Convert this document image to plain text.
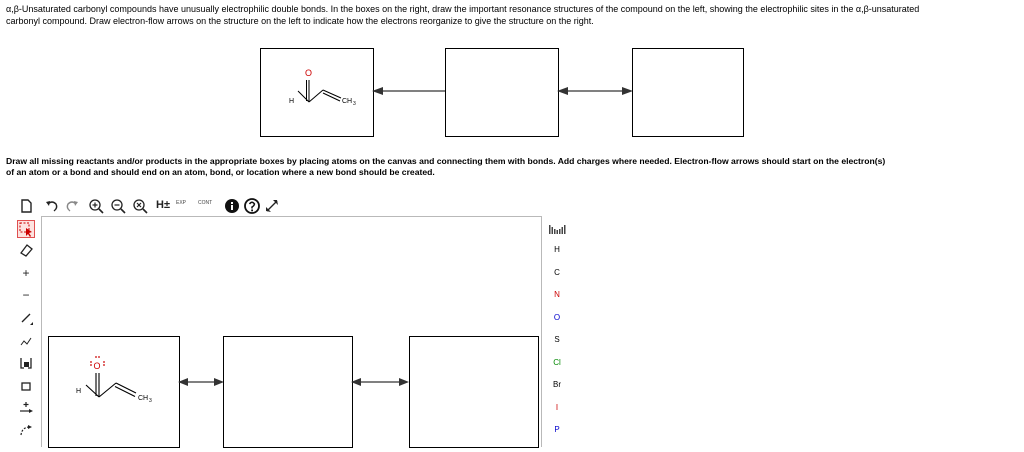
α,β-Unsaturated carbonyl compounds have unusually electrophilic double bonds. In the boxes on the right, draw the important resonance structures of the compound on the left, showing the electrophilic sites in the α,β-unsaturated
carbonyl compound. Draw electron-flow arrows on the structure on the left to indicate how the electrons reorganize to give the structure on the right.
O
H	CH 3
Draw all missing reactants and/or products in the appropriate boxes by placing atoms on the canvas and connecting them with bonds. Add charges where needed. Electron-flow arrows should start on the electron(s)
of an atom or a bond and should end on an atom, bond, or location where a new bond should be created.
H±	EXP	CONT
+
−
O
H
CH 3
H
C
N
O
S
Cl
Br
I
P
